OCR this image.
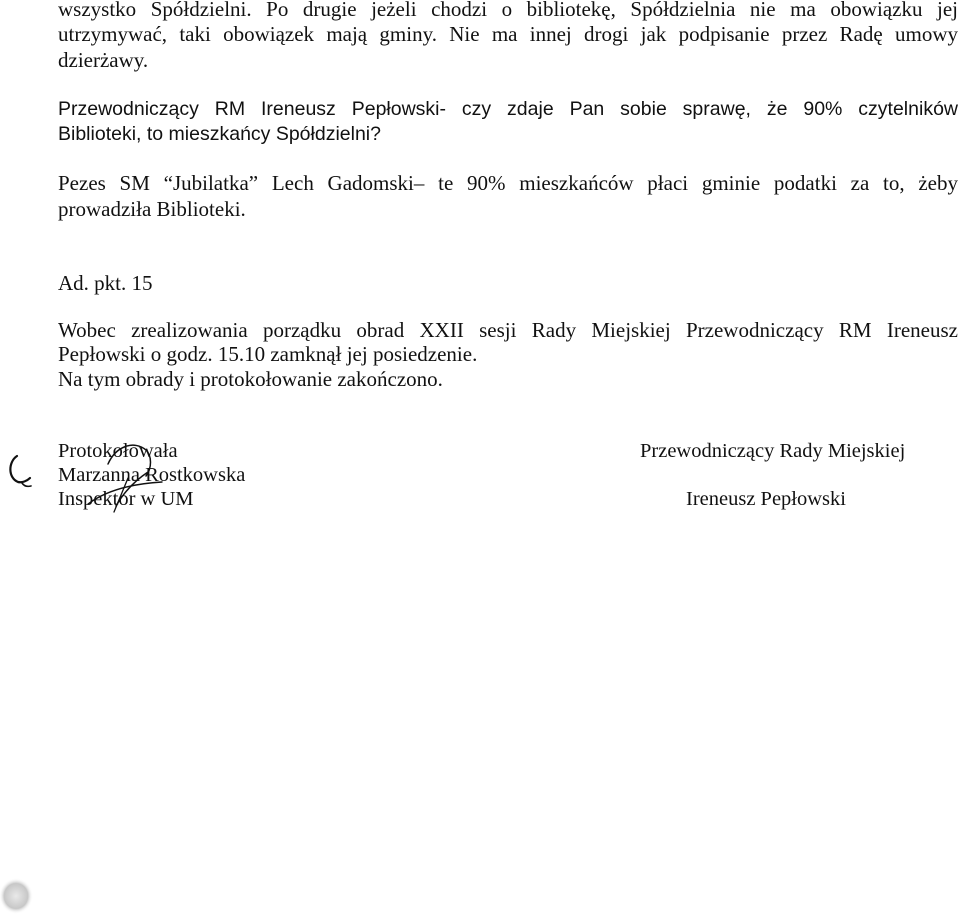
wszystko Spółdzielni. Po drugie jeżeli chodzi o bibliotekę, Spółdzielnia nie ma obowiązku jej

utrzymywać, taki obowiązek mają gminy. Nie ma innej drogi jak podpisanie przez Radę umowy

dzierżawy.

Przewodniczący RM Ireneusz Pepłowski- czy zdaje Pan sobie sprawę, że 90% czytelników

Biblioteki, to mieszkańcy Spółdzielni?

Pezes SM “Jubilatka” Lech Gadomski– te 90% mieszkańców płaci gminie podatki za to, żeby

prowadziła Biblioteki.

Ad. pkt. 15

Wobec zrealizowania porządku obrad XXII sesji Rady Miejskiej Przewodniczący RM Ireneusz

Pepłowski o godz. 15.10 zamknął jej posiedzenie.

Na tym obrady i protokołowanie zakończono.

Protokołowała

Marzanna Rostkowska

Inspektor w UM

Przewodniczący Rady Miejskiej

Ireneusz Pepłowski
